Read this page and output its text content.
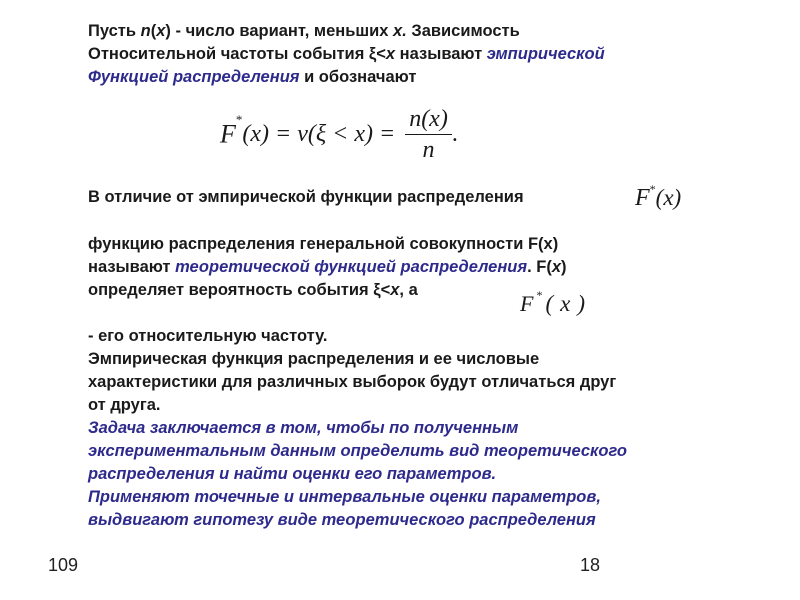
Пусть n(x) - число вариант, меньших x. Зависимость
Относительной частоты события ξ<x называют эмпирической
Функцией распределения и обозначают
$F^*(x) = \nu(\xi < x) = \frac{n(x)}{n}$ .
В отличие от эмпирической функции распределения	F*(x)
функцию распределения генеральной совокупности F(x)
называют теоретической функцией распределения. F(x)
определяет вероятность события ξ<x, а
F*(x)
- его относительную частоту.
Эмпирическая функция распределения и ее числовые
характеристики для различных выборок будут отличаться друг
от друга.
Задача заключается в том, чтобы по полученным
экспериментальным данным определить вид теоретического
распределения и найти оценки его параметров.
Применяют точечные и интервальные оценки параметров,
выдвигают гипотезу виде теоретического распределения
109	18
